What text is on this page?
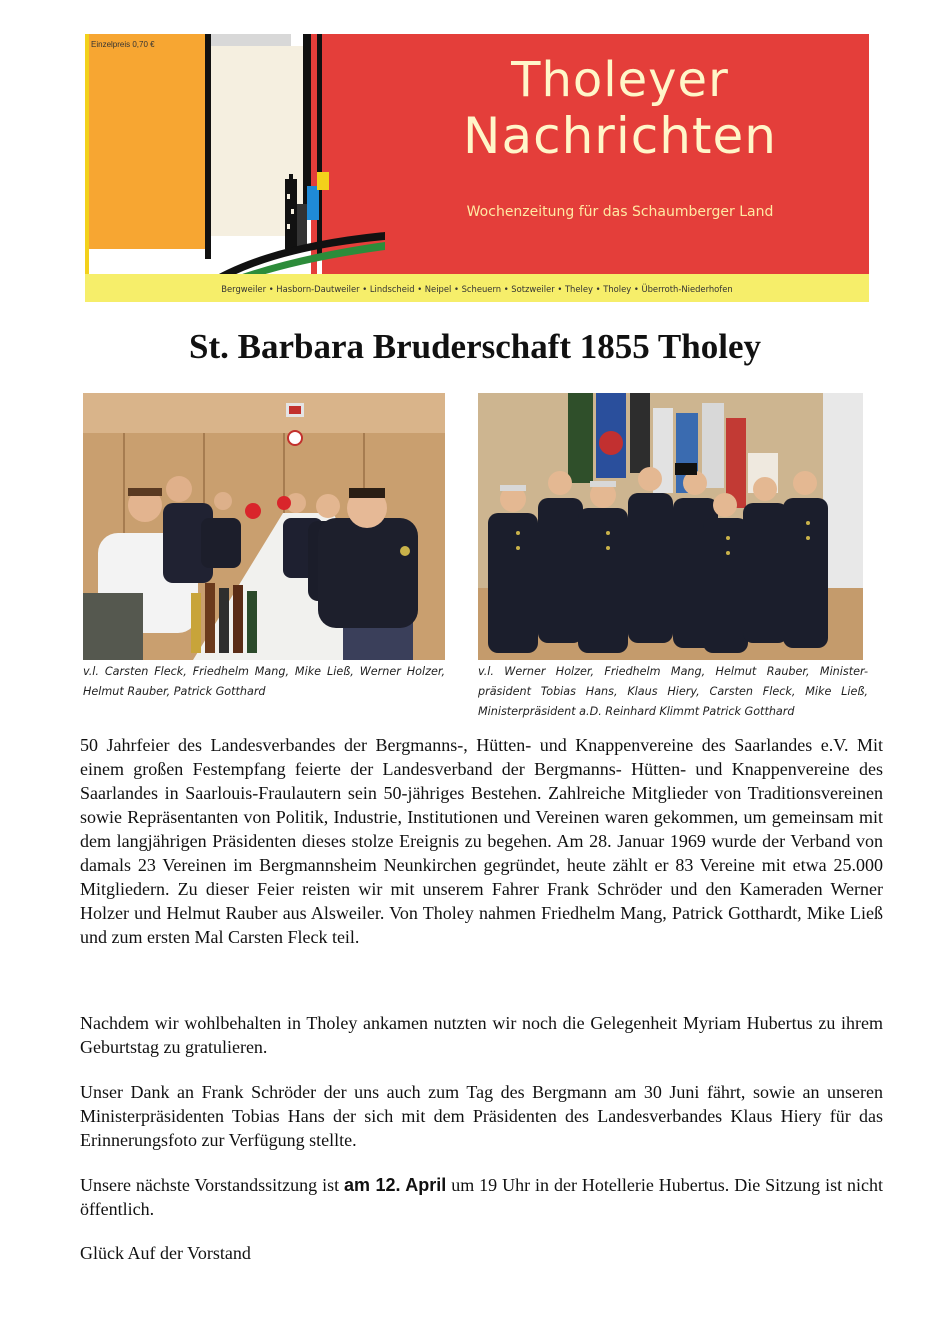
Einzelpreis 0,70 €
Tholeyer
Nachrichten
Wochenzeitung für das Schaumberger Land
Bergweiler • Hasborn-Dautweiler • Lindscheid • Neipel • Scheuern • Sotzweiler • Theley • Tholey • Überroth-Niederhofen
St. Barbara Bruderschaft 1855 Tholey
v.l. Carsten Fleck, Friedhelm Mang, Mike Ließ, Werner Holzer, Helmut Rauber, Patrick Gotthard
v.l. Werner Holzer, Friedhelm Mang, Helmut Rauber, Minister-präsident Tobias Hans, Klaus Hiery, Carsten Fleck, Mike Ließ, Ministerpräsident a.D. Reinhard Klimmt Patrick Gotthard
50 Jahrfeier des Landesverbandes der Bergmanns-, Hütten- und Knappenvereine des Saarlandes e.V. Mit einem großen Festempfang feierte der Landesverband der Bergmanns- Hütten- und Knappenvereine des Saarlandes in Saarlouis-Fraulautern sein 50-jähriges Bestehen. Zahlreiche Mitglieder von Traditionsvereinen sowie Repräsentanten von Politik, Industrie, Institutionen und Vereinen waren gekommen, um gemeinsam mit dem langjährigen Präsidenten dieses stolze Ereignis zu begehen. Am 28. Januar 1969 wurde der Verband von damals 23 Vereinen im Bergmannsheim Neunkirchen gegründet, heute zählt er 83 Vereine mit etwa 25.000 Mitgliedern. Zu dieser Feier reisten wir mit unserem Fahrer Frank Schröder und den Kameraden Werner Holzer und Helmut Rauber aus Alsweiler. Von Tholey nahmen Friedhelm Mang, Patrick Gotthardt, Mike Ließ und zum ersten Mal Carsten Fleck teil.
Nachdem wir wohlbehalten in Tholey ankamen nutzten wir noch die Gelegenheit Myriam Hubertus zu ihrem Geburtstag zu gratulieren.
Unser Dank an Frank Schröder der uns auch zum Tag des Bergmann am 30 Juni fährt, sowie an unseren Ministerpräsidenten Tobias Hans der sich mit dem Präsidenten des Landesverbandes Klaus Hiery für das Erinnerungsfoto zur Verfügung stellte.
Unsere nächste Vorstandssitzung ist am 12. April um 19 Uhr in der Hotellerie Hubertus. Die Sitzung ist nicht öffentlich.
Glück Auf der Vorstand
